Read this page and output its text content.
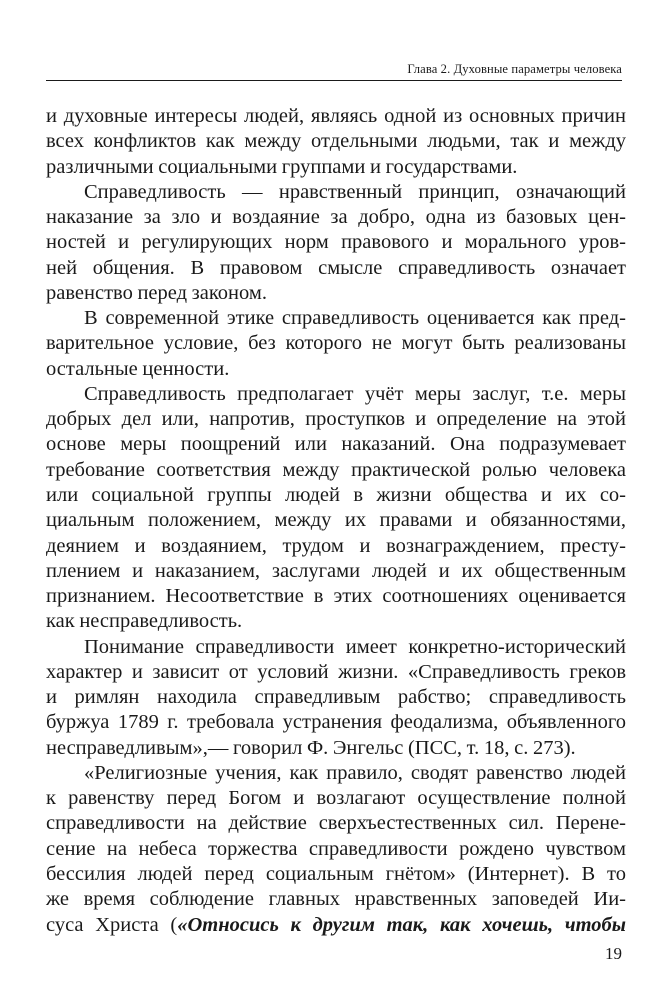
Глава 2. Духовные параметры человека
и духовные интересы людей, являясь одной из основных причин
всех конфликтов как между отдельными людьми, так и между
различными социальными группами и государствами.
Справедливость — нравственный принцип, означающий
наказание за зло и воздаяние за добро, одна из базовых цен-
ностей и регулирующих норм правового и морального уров-
ней общения. В правовом смысле справедливость означает
равенство перед законом.
В современной этике справедливость оценивается как пред-
варительное условие, без которого не могут быть реализованы
остальные ценности.
Справедливость предполагает учёт меры заслуг, т.е. меры
добрых дел или, напротив, проступков и определение на этой
основе меры поощрений или наказаний. Она подразумевает
требование соответствия между практической ролью человека
или социальной группы людей в жизни общества и их со-
циальным положением, между их правами и обязанностями,
деянием и воздаянием, трудом и вознаграждением, престу-
плением и наказанием, заслугами людей и их общественным
признанием. Несоответствие в этих соотношениях оценивается
как несправедливость.
Понимание справедливости имеет конкретно-исторический
характер и зависит от условий жизни. «Справедливость греков
и римлян находила справедливым рабство; справедливость
буржуа 1789 г. требовала устранения феодализма, объявленного
несправедливым»,— говорил Ф. Энгельс (ПСС, т. 18, с. 273).
«Религиозные учения, как правило, сводят равенство людей
к равенству перед Богом и возлагают осуществление полной
справедливости на действие сверхъестественных сил. Перене-
сение на небеса торжества справедливости рождено чувством
бессилия людей перед социальным гнётом» (Интернет). В то
же время соблюдение главных нравственных заповедей Ии-
суса Христа («Относись к другим так, как хочешь, чтобы
19
